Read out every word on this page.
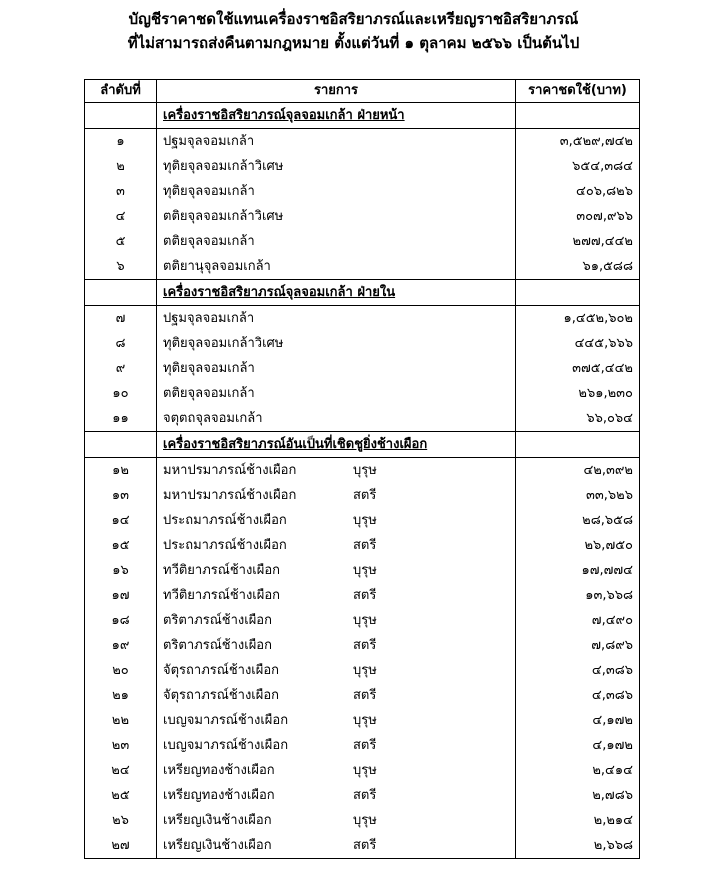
บัญชีราคาชดใช้แทนเครื่องราชอิสริยาภรณ์และเหรียญราชอิสริยาภรณ์
ที่ไม่สามารถส่งคืนตามกฎหมาย ตั้งแต่วันที่ ๑ ตุลาคม ๒๕๖๖ เป็นต้นไป
ลำดับที่	รายการ	ราคาชดใช้(บาท)
	เครื่องราชอิสริยาภรณ์จุลจอมเกล้า ฝ่ายหน้า	
๑	ปฐมจุลจอมเกล้า	๓,๕๒๙,๗๔๒
๒	ทุติยจุลจอมเกล้าวิเศษ	๖๕๔,๓๘๔
๓	ทุติยจุลจอมเกล้า	๔๐๖,๘๒๖
๔	ตติยจุลจอมเกล้าวิเศษ	๓๐๗,๙๖๖
๕	ตติยจุลจอมเกล้า	๒๗๗,๔๔๒
๖	ตติยานุจุลจอมเกล้า	๖๑,๕๘๘
	เครื่องราชอิสริยาภรณ์จุลจอมเกล้า ฝ่ายใน	
๗	ปฐมจุลจอมเกล้า	๑,๔๕๒,๖๐๒
๘	ทุติยจุลจอมเกล้าวิเศษ	๔๔๕,๖๖๖
๙	ทุติยจุลจอมเกล้า	๓๗๕,๔๔๒
๑๐	ตติยจุลจอมเกล้า	๒๖๑,๒๓๐
๑๑	จตุตถจุลจอมเกล้า	๖๖,๐๖๔
	เครื่องราชอิสริยาภรณ์อันเป็นที่เชิดชูยิ่งช้างเผือก	
๑๒	มหาปรมาภรณ์ช้างเผือก บุรุษ	๔๒,๓๙๒
๑๓	มหาปรมาภรณ์ช้างเผือก สตรี	๓๓,๖๒๖
๑๔	ประถมาภรณ์ช้างเผือก บุรุษ	๒๘,๖๕๘
๑๕	ประถมาภรณ์ช้างเผือก สตรี	๒๖,๗๕๐
๑๖	ทวีติยาภรณ์ช้างเผือก บุรุษ	๑๗,๗๗๔
๑๗	ทวีติยาภรณ์ช้างเผือก สตรี	๑๓,๖๖๘
๑๘	ตริตาภรณ์ช้างเผือก บุรุษ	๗,๔๙๐
๑๙	ตริตาภรณ์ช้างเผือก สตรี	๗,๘๙๖
๒๐	จัตุรถาภรณ์ช้างเผือก บุรุษ	๔,๓๘๖
๒๑	จัตุรถาภรณ์ช้างเผือก สตรี	๔,๓๘๖
๒๒	เบญจมาภรณ์ช้างเผือก บุรุษ	๔,๑๗๒
๒๓	เบญจมาภรณ์ช้างเผือก สตรี	๔,๑๗๒
๒๔	เหรียญทองช้างเผือก บุรุษ	๒,๔๑๔
๒๕	เหรียญทองช้างเผือก สตรี	๒,๗๘๖
๒๖	เหรียญเงินช้างเผือก บุรุษ	๒,๒๑๔
๒๗	เหรียญเงินช้างเผือก สตรี	๒,๖๖๘
